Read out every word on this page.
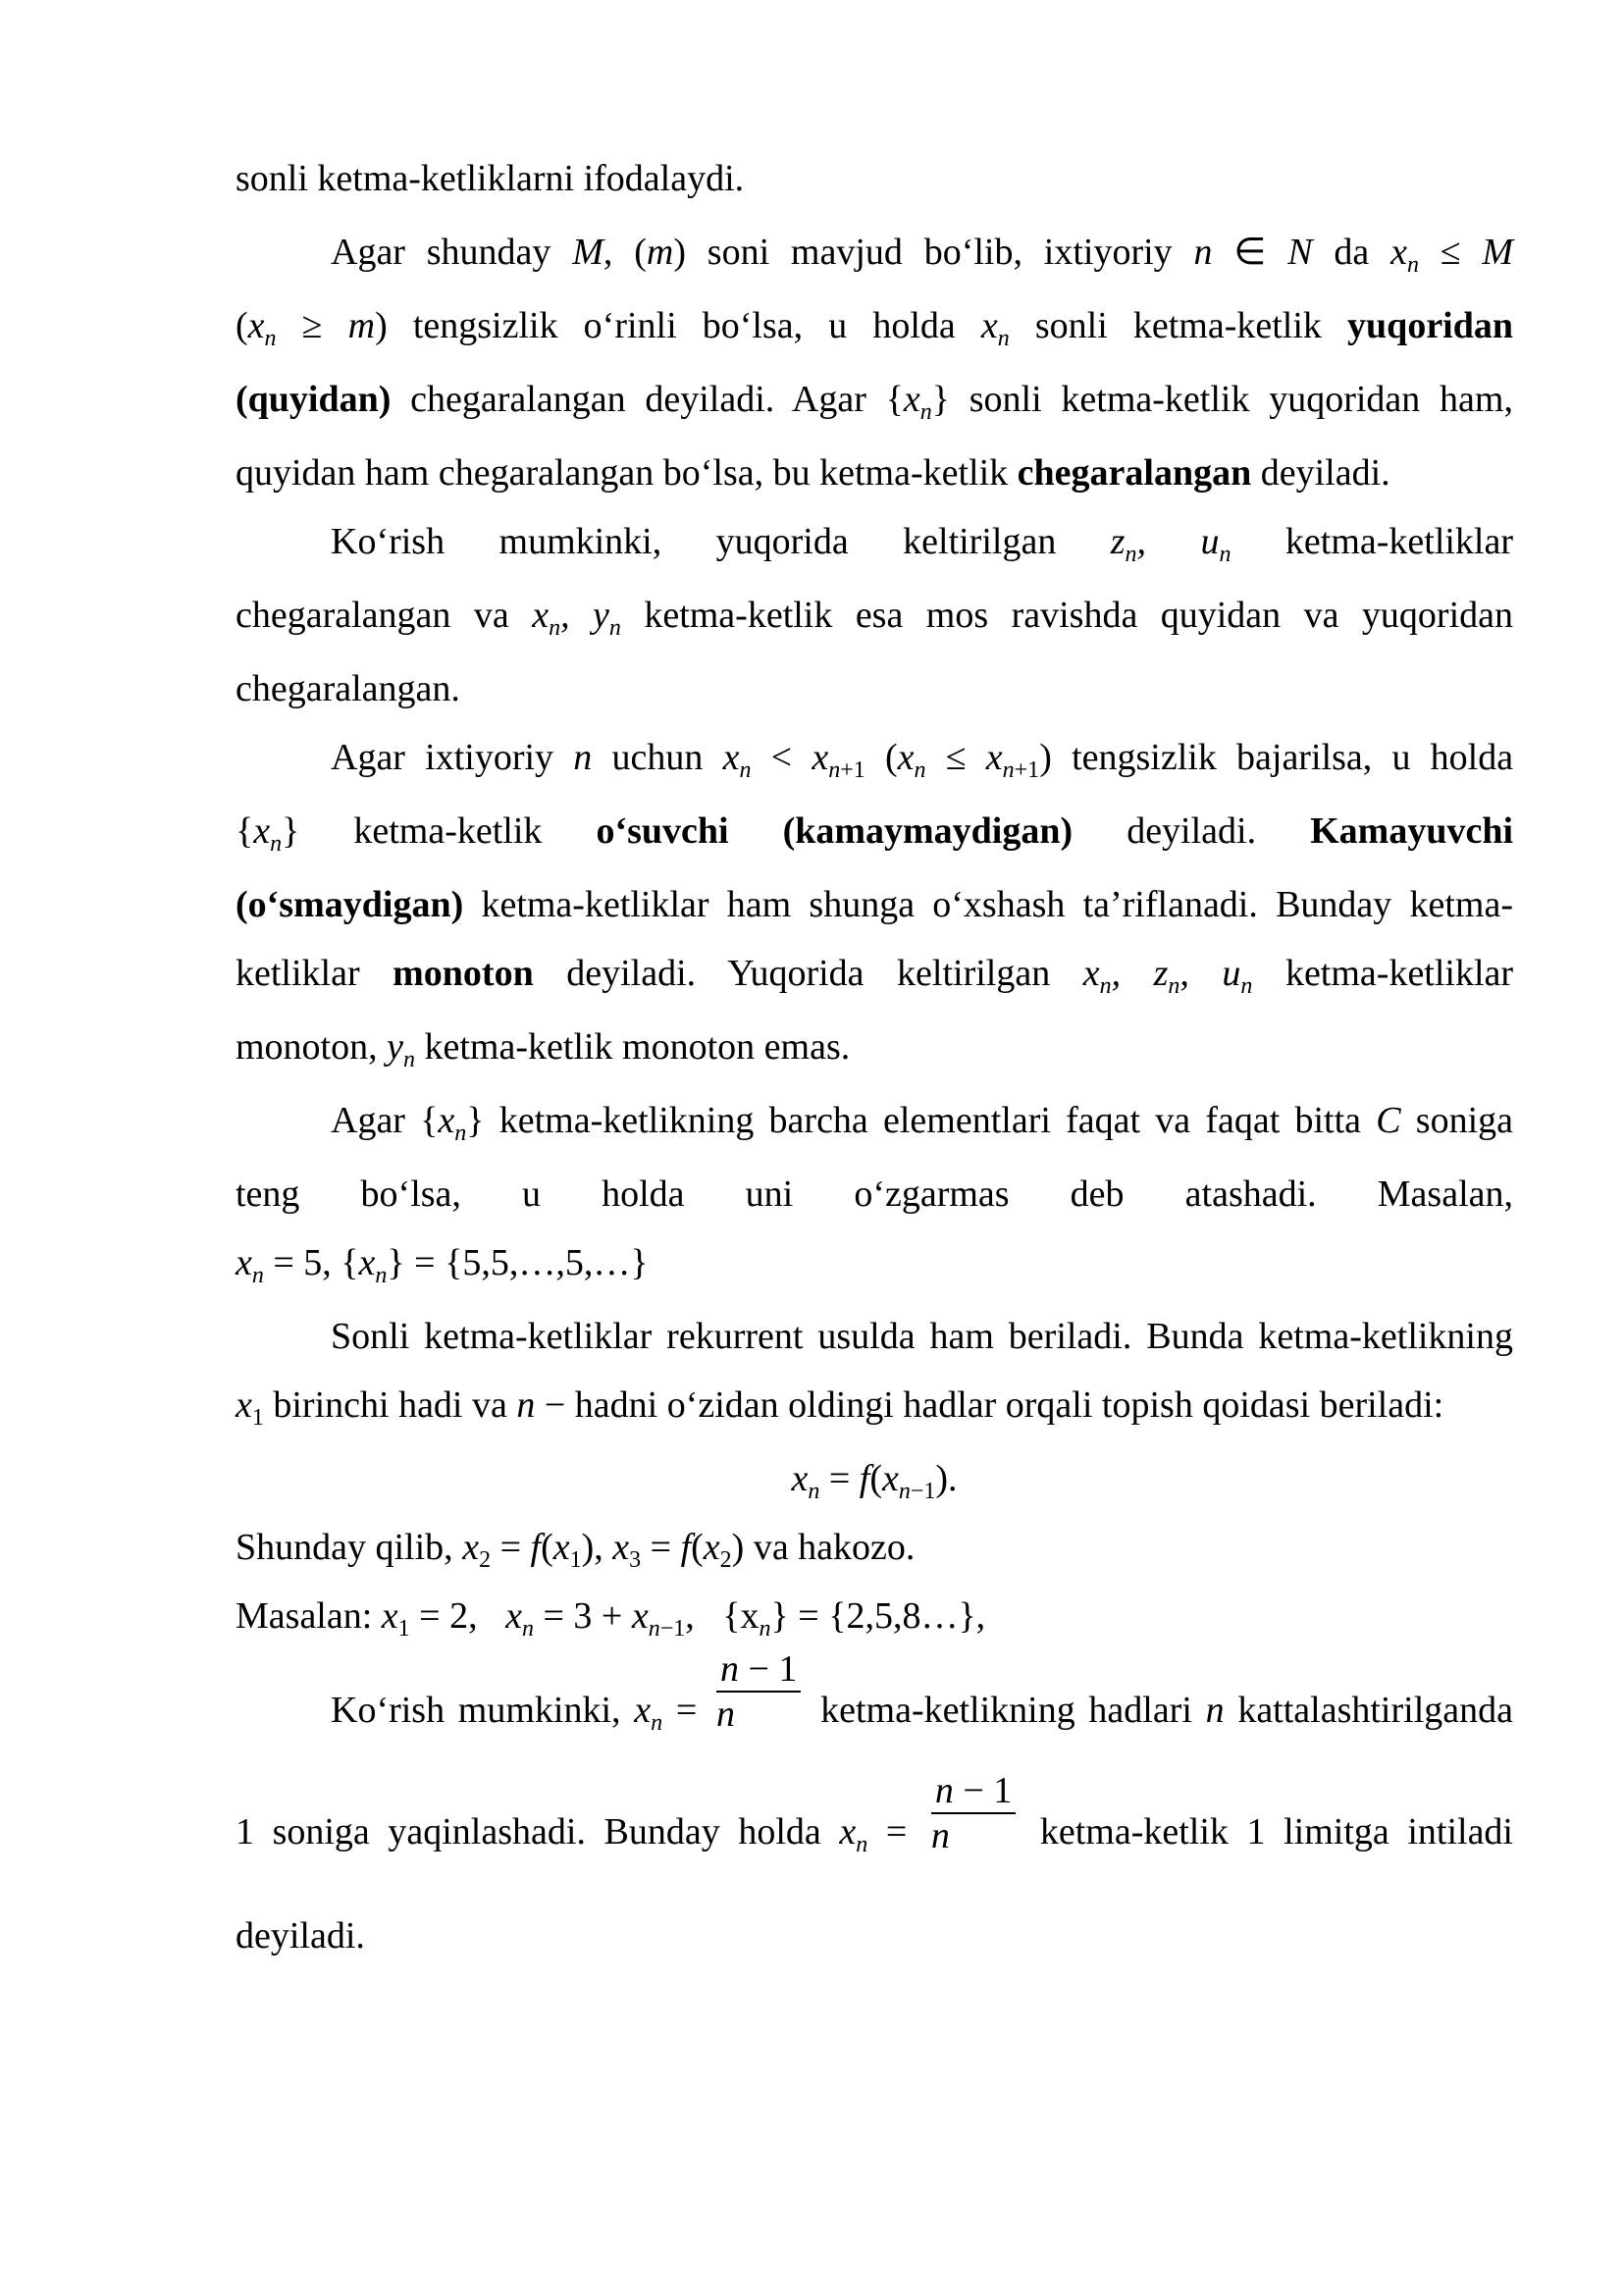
sonli ketma-ketliklarni ifodalaydi.
Agar shunday M, (m) soni mavjud bo‘lib, ixtiyoriy n ∈ N da $x_n \le M$
$(x_n \ge m)$ tengsizlik o‘rinli bo‘lsa, u holda $x_n$ sonli ketma-ketlik yuqoridan
(quyidan) chegaralangan deyiladi. Agar $\{x_n\}$ sonli ketma-ketlik yuqoridan ham,
quyidan ham chegaralangan bo‘lsa, bu ketma-ketlik chegaralangan deyiladi.
Ko‘rish mumkinki, yuqorida keltirilgan $z_n$, $u_n$ ketma-ketliklar
chegaralangan va $x_n$, $y_n$ ketma-ketlik esa mos ravishda quyidan va yuqoridan
chegaralangan.
Agar ixtiyoriy n uchun $x_n < x_{n+1}$ $(x_n \le x_{n+1})$ tengsizlik bajarilsa, u holda
$\{x_n\}$ ketma-ketlik o‘suvchi (kamaymaydigan) deyiladi. Kamayuvchi
(o‘smaydigan) ketma-ketliklar ham shunga o‘xshash ta’riflanadi. Bunday ketma-
ketliklar monoton deyiladi. Yuqorida keltirilgan $x_n$, $z_n$, $u_n$ ketma-ketliklar
monoton, $y_n$ ketma-ketlik monoton emas.
Agar $\{x_n\}$ ketma-ketlikning barcha elementlari faqat va faqat bitta C soniga
teng bo‘lsa, u holda uni o‘zgarmas deb atashadi. Masalan,
$x_n = 5$, $\{x_n\}$ = {5,5,…,5,…}
Sonli ketma-ketliklar rekurrent usulda ham beriladi. Bunda ketma-ketlikning
$x_1$ birinchi hadi va n − hadni o‘zidan oldingi hadlar orqali topish qoidasi beriladi:
$x_n = f(x_{n-1})$.
Shunday qilib, $x_2 = f(x_1)$, $x_3 = f(x_2)$ va hakozo.
Masalan: $x_1 = 2$,   $x_n = 3 + x_{n-1}$,   $\{x_n\}$ = {2,5,8…},
Ko‘rish mumkinki, $x_n = \frac{n - 1}{n}$ ketma-ketlikning hadlari n kattalashtirilganda
1 soniga yaqinlashadi. Bunday holda $x_n = \frac{n - 1}{n}$ ketma-ketlik 1 limitga intiladi
deyiladi.
